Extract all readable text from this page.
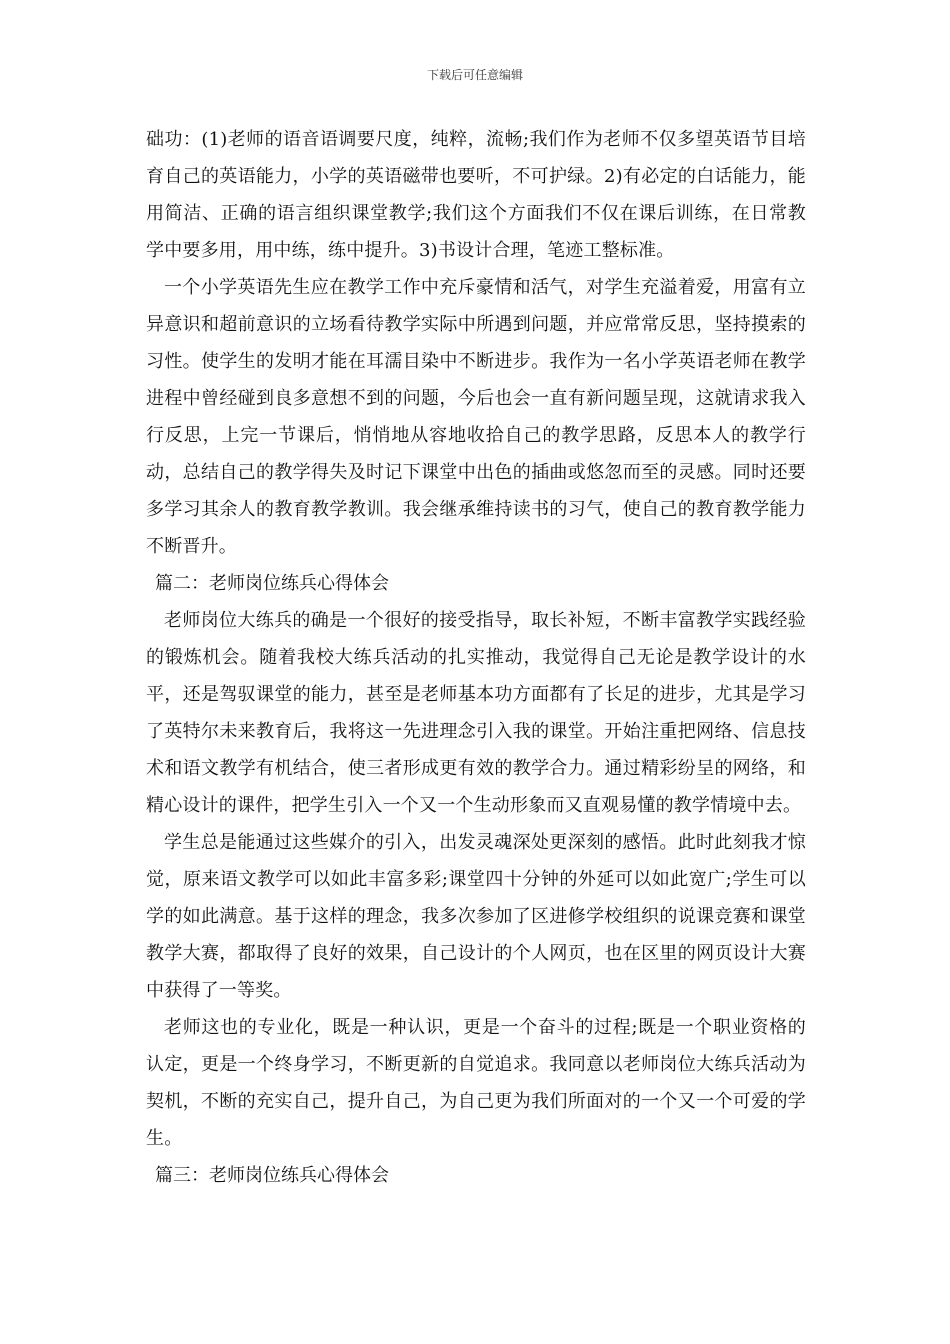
下载后可任意编辑

础功：(1)老师的语音语调要尺度，纯粹，流畅;我们作为老师不仅多望英语节目培育自己的英语能力，小学的英语磁带也要听，不可护绿。2)有必定的白话能力，能用简洁、正确的语言组织课堂教学;我们这个方面我们不仅在课后训练，在日常教学中要多用，用中练，练中提升。3)书设计合理，笔迹工整标准。

一个小学英语先生应在教学工作中充斥豪情和活气，对学生充溢着爱，用富有立异意识和超前意识的立场看待教学实际中所遇到问题，并应常常反思，坚持摸索的习性。使学生的发明才能在耳濡目染中不断进步。我作为一名小学英语老师在教学进程中曾经碰到良多意想不到的问题，今后也会一直有新问题呈现，这就请求我入行反思，上完一节课后，悄悄地从容地收拾自己的教学思路，反思本人的教学行动，总结自己的教学得失及时记下课堂中出色的插曲或悠忽而至的灵感。同时还要多学习其余人的教育教学教训。我会继承维持读书的习气，使自己的教育教学能力不断晋升。

篇二：老师岗位练兵心得体会

老师岗位大练兵的确是一个很好的接受指导，取长补短，不断丰富教学实践经验的锻炼机会。随着我校大练兵活动的扎实推动，我觉得自己无论是教学设计的水平，还是驾驭课堂的能力，甚至是老师基本功方面都有了长足的进步，尤其是学习了英特尔未来教育后，我将这一先进理念引入我的课堂。开始注重把网络、信息技术和语文教学有机结合，使三者形成更有效的教学合力。通过精彩纷呈的网络，和精心设计的课件，把学生引入一个又一个生动形象而又直观易懂的教学情境中去。

学生总是能通过这些媒介的引入，出发灵魂深处更深刻的感悟。此时此刻我才惊觉，原来语文教学可以如此丰富多彩;课堂四十分钟的外延可以如此宽广;学生可以学的如此满意。基于这样的理念，我多次参加了区进修学校组织的说课竞赛和课堂教学大赛，都取得了良好的效果，自己设计的个人网页，也在区里的网页设计大赛中获得了一等奖。

老师这也的专业化，既是一种认识，更是一个奋斗的过程;既是一个职业资格的认定，更是一个终身学习，不断更新的自觉追求。我同意以老师岗位大练兵活动为契机，不断的充实自己，提升自己，为自己更为我们所面对的一个又一个可爱的学生。

篇三：老师岗位练兵心得体会
